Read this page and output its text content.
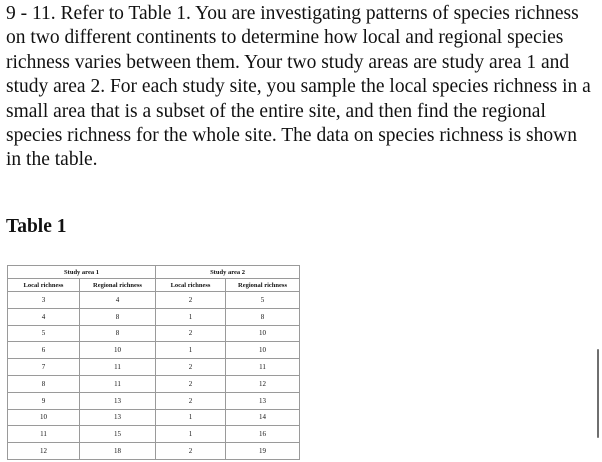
9 - 11. Refer to Table 1. You are investigating patterns of species richness on two different continents to determine how local and regional species richness varies between them. Your two study areas are study area 1 and study area 2. For each study site, you sample the local species richness in a small area that is a subset of the entire site, and then find the regional species richness for the whole site. The data on species richness is shown in the table.

Table 1

Study area 1		Study area 2	
Local richness	Regional richness	Local richness	Regional richness
3	4	2	5
4	8	1	8
5	8	2	10
6	10	1	10
7	11	2	11
8	11	2	12
9	13	2	13
10	13	1	14
11	15	1	16
12	18	2	19
